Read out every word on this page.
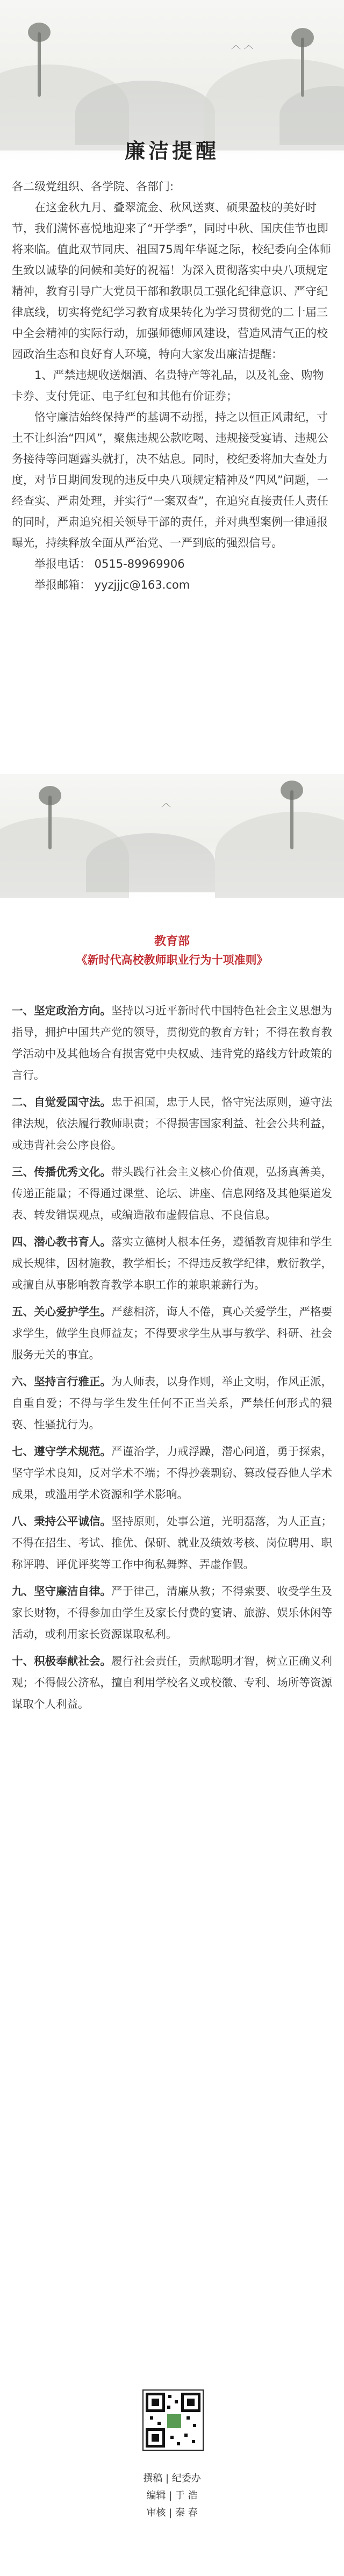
︿ ︿
廉洁提醒

各二级党组织、各学院、各部门:

在这金秋九月、叠翠流金、秋风送爽、硕果盈枝的美好时节，我们满怀喜悦地迎来了“开学季”，同时中秋、国庆佳节也即将来临。值此双节同庆、祖国75周年华诞之际，校纪委向全体师生致以诚挚的问候和美好的祝福！为深入贯彻落实中央八项规定精神，教育引导广大党员干部和教职员工强化纪律意识、严守纪律底线，切实将党纪学习教育成果转化为学习贯彻党的二十届三中全会精神的实际行动，加强师德师风建设，营造风清气正的校园政治生态和良好育人环境，特向大家发出廉洁提醒：

1、严禁违规收送烟酒、名贵特产等礼品，以及礼金、购物卡券、支付凭证、电子红包和其他有价证券；

恪守廉洁始终保持严的基调不动摇，持之以恒正风肃纪，寸土不让纠治“四风”，聚焦违规公款吃喝、违规接受宴请、违规公务接待等问题露头就打，决不姑息。同时，校纪委将加大查处力度，对节日期间发现的违反中央八项规定精神及“四风”问题，一经查实、严肃处理，并实行“一案双查”，在追究直接责任人责任的同时，严肃追究相关领导干部的责任，并对典型案例一律通报曝光，持续释放全面从严治党、一严到底的强烈信号。

举报电话： 0515-89969906

举报邮箱： yyzjjjc@163.com

︿
教育部
《新时代高校教师职业行为十项准则》

一、坚定政治方向。坚持以习近平新时代中国特色社会主义思想为指导，拥护中国共产党的领导，贯彻党的教育方针；不得在教育教学活动中及其他场合有损害党中央权威、违背党的路线方针政策的言行。

二、自觉爱国守法。忠于祖国，忠于人民，恪守宪法原则，遵守法律法规，依法履行教师职责；不得损害国家利益、社会公共利益，或违背社会公序良俗。

三、传播优秀文化。带头践行社会主义核心价值观，弘扬真善美，传递正能量；不得通过课堂、论坛、讲座、信息网络及其他渠道发表、转发错误观点，或编造散布虚假信息、不良信息。

四、潜心教书育人。落实立德树人根本任务，遵循教育规律和学生成长规律，因材施教，教学相长；不得违反教学纪律，敷衍教学，或擅自从事影响教育教学本职工作的兼职兼薪行为。

五、关心爱护学生。严慈相济，诲人不倦，真心关爱学生，严格要求学生，做学生良师益友；不得要求学生从事与教学、科研、社会服务无关的事宜。

六、坚持言行雅正。为人师表，以身作则，举止文明，作风正派，自重自爱；不得与学生发生任何不正当关系，严禁任何形式的猥亵、性骚扰行为。

七、遵守学术规范。严谨治学，力戒浮躁，潜心问道，勇于探索，坚守学术良知，反对学术不端；不得抄袭剽窃、篡改侵吞他人学术成果，或滥用学术资源和学术影响。

八、秉持公平诚信。坚持原则，处事公道，光明磊落，为人正直；不得在招生、考试、推优、保研、就业及绩效考核、岗位聘用、职称评聘、评优评奖等工作中徇私舞弊、弄虚作假。

九、坚守廉洁自律。严于律己，清廉从教；不得索要、收受学生及家长财物，不得参加由学生及家长付费的宴请、旅游、娱乐休闲等活动，或利用家长资源谋取私利。

十、积极奉献社会。履行社会责任，贡献聪明才智，树立正确义利观；不得假公济私，擅自利用学校名义或校徽、专利、场所等资源谋取个人利益。

撰稿 | 纪委办
编辑 | 于 浩
审核 | 秦 春
